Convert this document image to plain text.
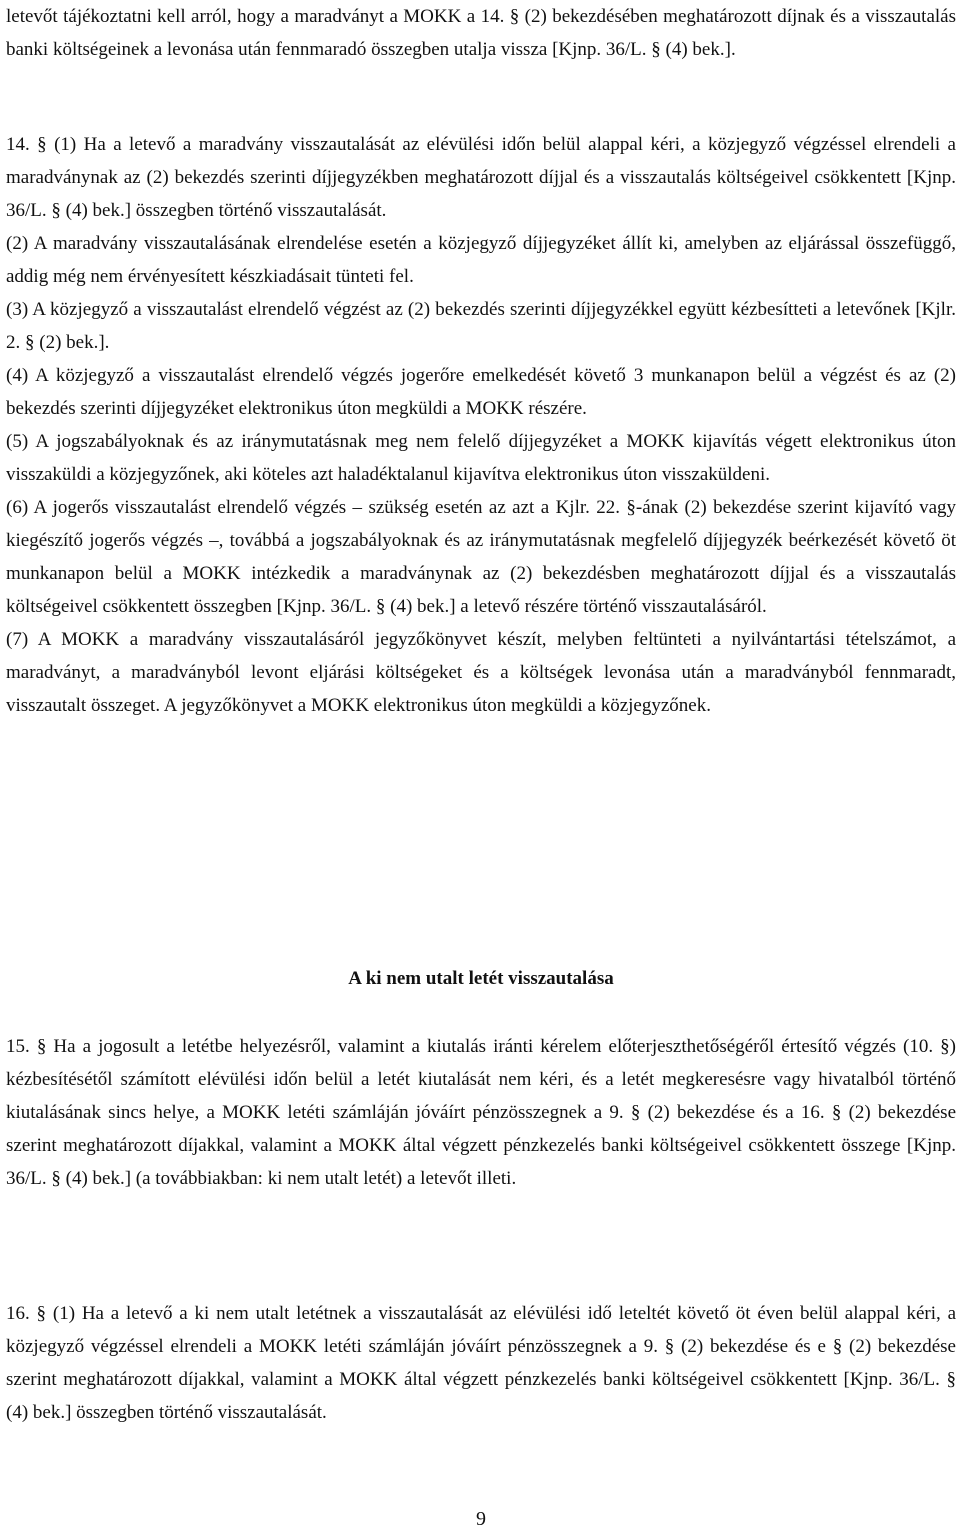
letevőt tájékoztatni kell arról, hogy a maradványt a MOKK a 14. § (2) bekezdésében meghatározott díjnak és a visszautalás banki költségeinek a levonása után fennmaradó összegben utalja vissza [Kjnp. 36/L. § (4) bek.].

14. § (1) Ha a letevő a maradvány visszautalását az elévülési időn belül alappal kéri, a közjegyző végzéssel elrendeli a maradványnak az (2) bekezdés szerinti díjjegyzékben meghatározott díjjal és a visszautalás költségeivel csökkentett [Kjnp. 36/L. § (4) bek.] összegben történő visszautalását.

(2) A maradvány visszautalásának elrendelése esetén a közjegyző díjjegyzéket állít ki, amelyben az eljárással összefüggő, addig még nem érvényesített készkiadásait tünteti fel.

(3) A közjegyző a visszautalást elrendelő végzést az (2) bekezdés szerinti díjjegyzékkel együtt kézbesítteti a letevőnek [Kjlr. 2. § (2) bek.].

(4) A közjegyző a visszautalást elrendelő végzés jogerőre emelkedését követő 3 munkanapon belül a végzést és az (2) bekezdés szerinti díjjegyzéket elektronikus úton megküldi a MOKK részére.

(5) A jogszabályoknak és az iránymutatásnak meg nem felelő díjjegyzéket a MOKK kijavítás végett elektronikus úton visszaküldi a közjegyzőnek, aki köteles azt haladéktalanul kijavítva elektronikus úton visszaküldeni.

(6) A jogerős visszautalást elrendelő végzés – szükség esetén az azt a Kjlr. 22. §-ának (2) bekezdése szerint kijavító vagy kiegészítő jogerős végzés –, továbbá a jogszabályoknak és az iránymutatásnak megfelelő díjjegyzék beérkezését követő öt munkanapon belül a MOKK intézkedik a maradványnak az (2) bekezdésben meghatározott díjjal és a visszautalás költségeivel csökkentett összegben [Kjnp. 36/L. § (4) bek.] a letevő részére történő visszautalásáról.

(7) A MOKK a maradvány visszautalásáról jegyzőkönyvet készít, melyben feltünteti a nyilvántartási tételszámot, a maradványt, a maradványból levont eljárási költségeket és a költségek levonása után a maradványból fennmaradt, visszautalt összeget. A jegyzőkönyvet a MOKK elektronikus úton megküldi a közjegyzőnek.

A ki nem utalt letét visszautalása

15. § Ha a jogosult a letétbe helyezésről, valamint a kiutalás iránti kérelem előterjeszthetőségéről értesítő végzés (10. §) kézbesítésétől számított elévülési időn belül a letét kiutalását nem kéri, és a letét megkeresésre vagy hivatalból történő kiutalásának sincs helye, a MOKK letéti számláján jóváírt pénzösszegnek a 9. § (2) bekezdése és a 16. § (2) bekezdése szerint meghatározott díjakkal, valamint a MOKK által végzett pénzkezelés banki költségeivel csökkentett összege [Kjnp. 36/L. § (4) bek.] (a továbbiakban: ki nem utalt letét) a letevőt illeti.

16. § (1) Ha a letevő a ki nem utalt letétnek a visszautalását az elévülési idő leteltét követő öt éven belül alappal kéri, a közjegyző végzéssel elrendeli a MOKK letéti számláján jóváírt pénzösszegnek a 9. § (2) bekezdése és e § (2) bekezdése szerint meghatározott díjakkal, valamint a MOKK által végzett pénzkezelés banki költségeivel csökkentett [Kjnp. 36/L. § (4) bek.] összegben történő visszautalását.

9
